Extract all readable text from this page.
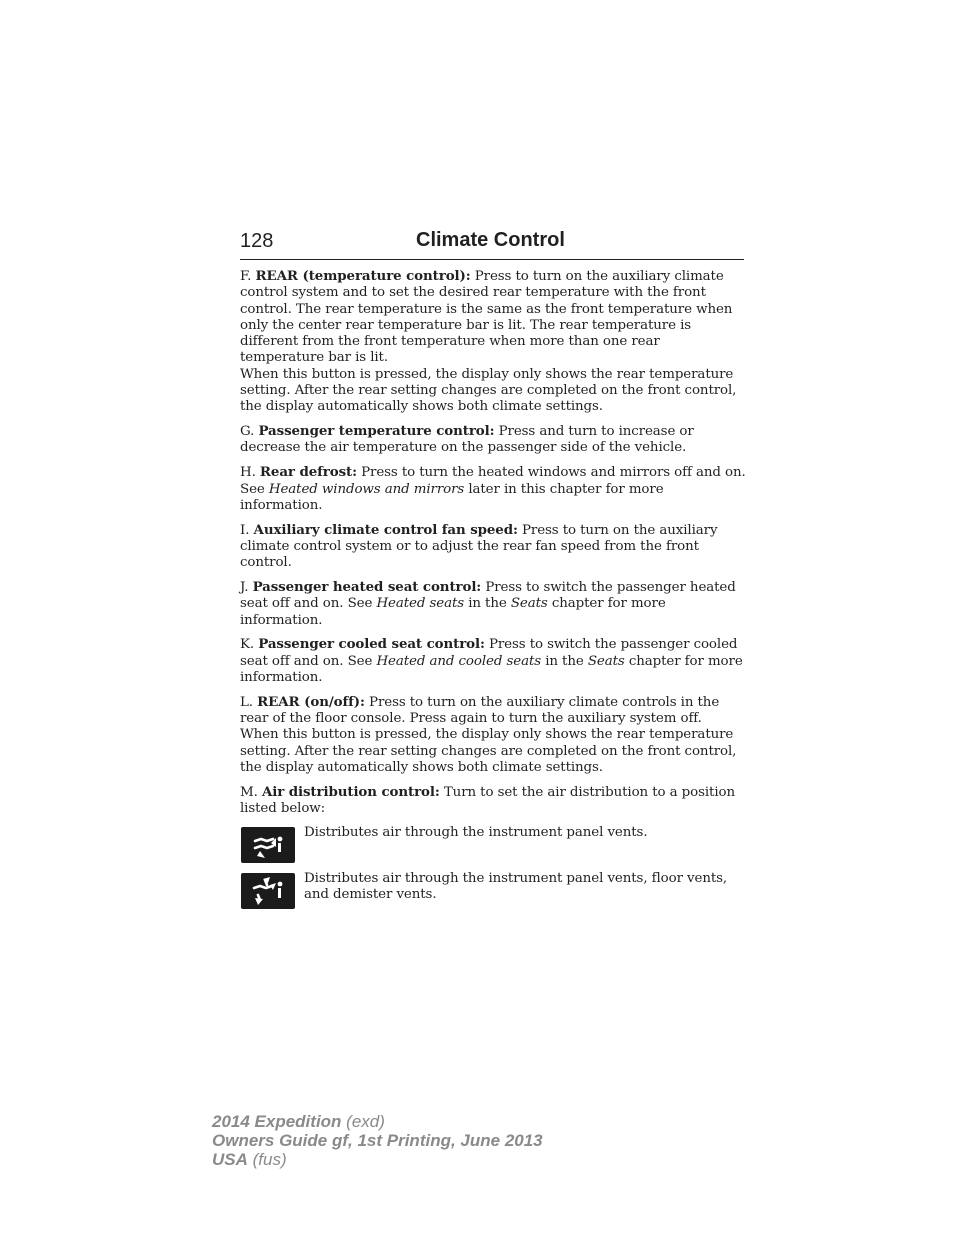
128	Climate Control

F. REAR (temperature control): Press to turn on the auxiliary climate control system and to set the desired rear temperature with the front control. The rear temperature is the same as the front temperature when only the center rear temperature bar is lit. The rear temperature is different from the front temperature when more than one rear temperature bar is lit.

When this button is pressed, the display only shows the rear temperature setting. After the rear setting changes are completed on the front control, the display automatically shows both climate settings.

G. Passenger temperature control: Press and turn to increase or decrease the air temperature on the passenger side of the vehicle.

H. Rear defrost: Press to turn the heated windows and mirrors off and on. See Heated windows and mirrors later in this chapter for more information.

I. Auxiliary climate control fan speed: Press to turn on the auxiliary climate control system or to adjust the rear fan speed from the front control.

J. Passenger heated seat control: Press to switch the passenger heated seat off and on. See Heated seats in the Seats chapter for more information.

K. Passenger cooled seat control: Press to switch the passenger cooled seat off and on. See Heated and cooled seats in the Seats chapter for more information.

L. REAR (on/off): Press to turn on the auxiliary climate controls in the rear of the floor console. Press again to turn the auxiliary system off.

When this button is pressed, the display only shows the rear temperature setting. After the rear setting changes are completed on the front control, the display automatically shows both climate settings.

M. Air distribution control: Turn to set the air distribution to a position listed below:

Distributes air through the instrument panel vents.
Distributes air through the instrument panel vents, floor vents, and demister vents.
2014 Expedition (exd)
Owners Guide gf, 1st Printing, June 2013
USA (fus)
